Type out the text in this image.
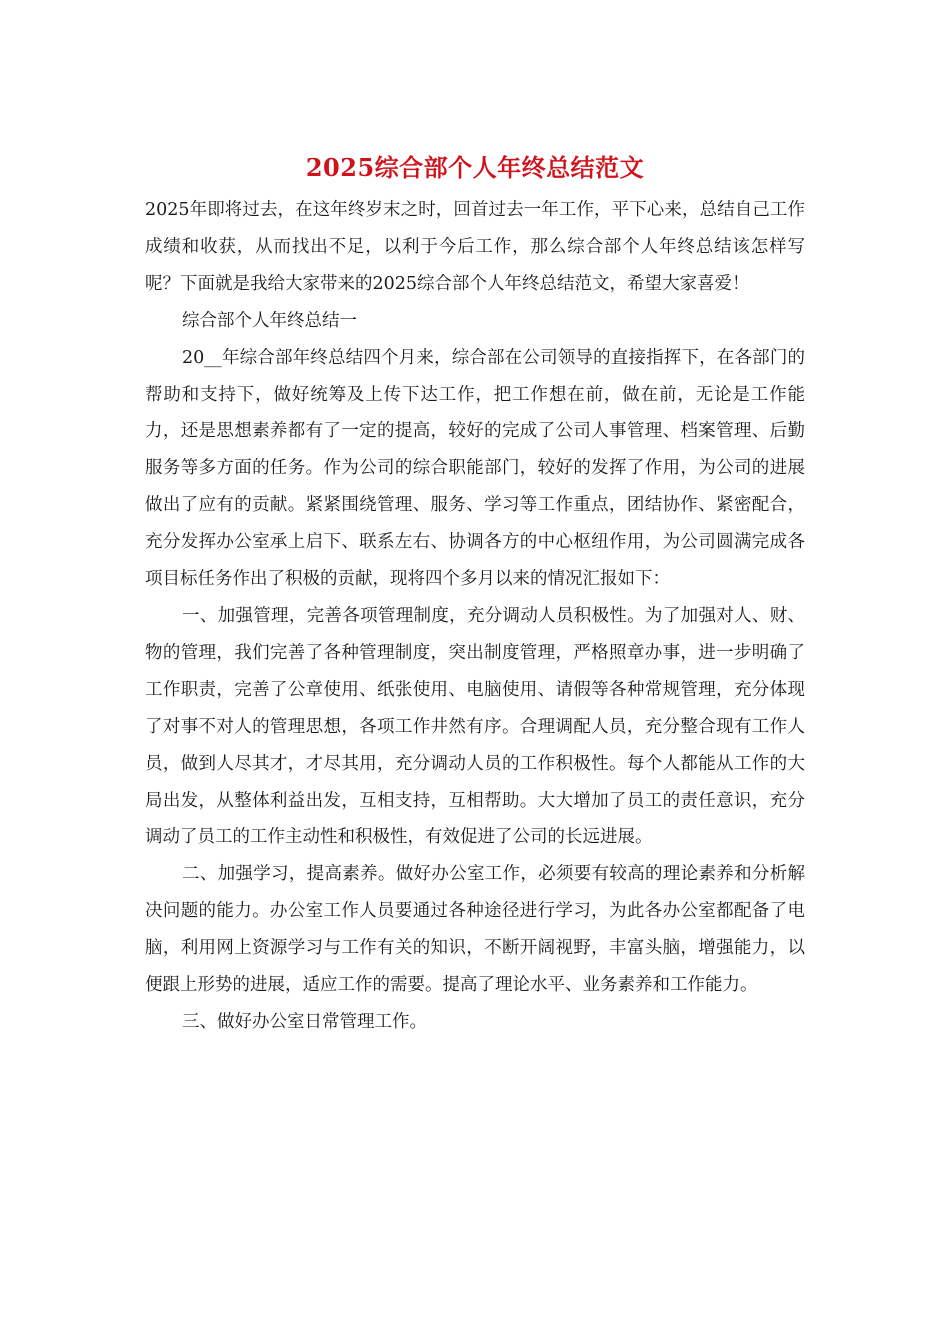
2025综合部个人年终总结范文

2025年即将过去，在这年终岁末之时，回首过去一年工作，平下心来，总结自己工作成绩和收获，从而找出不足，以利于今后工作，那么综合部个人年终总结该怎样写呢？下面就是我给大家带来的2025综合部个人年终总结范文，希望大家喜爱！

综合部个人年终总结一

20__年综合部年终总结四个月来，综合部在公司领导的直接指挥下，在各部门的帮助和支持下，做好统筹及上传下达工作，把工作想在前，做在前，无论是工作能力，还是思想素养都有了一定的提高，较好的完成了公司人事管理、档案管理、后勤服务等多方面的任务。作为公司的综合职能部门，较好的发挥了作用，为公司的进展做出了应有的贡献。紧紧围绕管理、服务、学习等工作重点，团结协作、紧密配合，充分发挥办公室承上启下、联系左右、协调各方的中心枢纽作用，为公司圆满完成各项目标任务作出了积极的贡献，现将四个多月以来的情况汇报如下：

一、加强管理，完善各项管理制度，充分调动人员积极性。为了加强对人、财、物的管理，我们完善了各种管理制度，突出制度管理，严格照章办事，进一步明确了工作职责，完善了公章使用、纸张使用、电脑使用、请假等各种常规管理，充分体现了对事不对人的管理思想，各项工作井然有序。合理调配人员，充分整合现有工作人员，做到人尽其才，才尽其用，充分调动人员的工作积极性。每个人都能从工作的大局出发，从整体利益出发，互相支持，互相帮助。大大增加了员工的责任意识，充分调动了员工的工作主动性和积极性，有效促进了公司的长远进展。

二、加强学习，提高素养。做好办公室工作，必须要有较高的理论素养和分析解决问题的能力。办公室工作人员要通过各种途径进行学习，为此各办公室都配备了电脑，利用网上资源学习与工作有关的知识，不断开阔视野，丰富头脑，增强能力，以便跟上形势的进展，适应工作的需要。提高了理论水平、业务素养和工作能力。

三、做好办公室日常管理工作。
